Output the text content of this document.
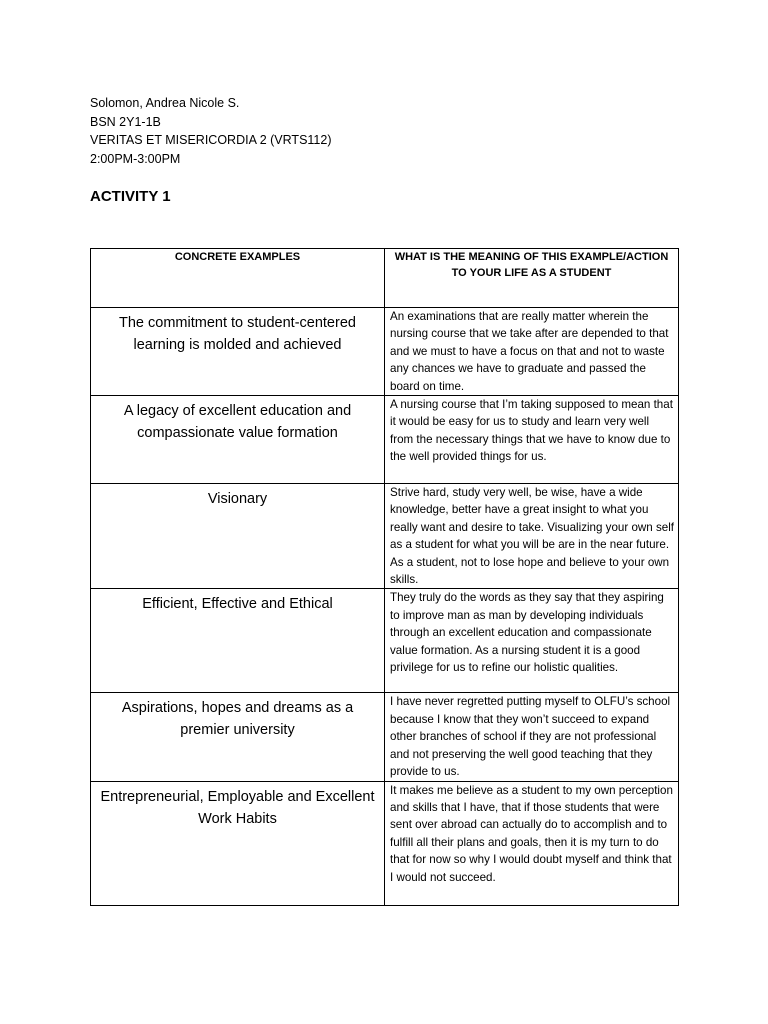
Solomon, Andrea Nicole S.
BSN 2Y1-1B
VERITAS ET MISERICORDIA 2 (VRTS112)
2:00PM-3:00PM
ACTIVITY 1
CONCRETE EXAMPLES	WHAT IS THE MEANING OF THIS EXAMPLE/ACTION TO YOUR LIFE AS A STUDENT

The commitment to student-centered learning is molded and achieved	An examinations that are really matter wherein the nursing course that we take after are depended to that and we must to have a focus on that and not to waste any chances we have to graduate and passed the board on time.

A legacy of excellent education and compassionate value formation	A nursing course that I’m taking supposed to mean that it would be easy for us to study and learn very well from the necessary things that we have to know due to the well provided things for us.

Visionary	Strive hard, study very well, be wise, have a wide knowledge, better have a great insight to what you really want and desire to take. Visualizing your own self as a student for what you will be are in the near future. As a student, not to lose hope and believe to your own skills.

Efficient, Effective and Ethical	They truly do the words as they say that they aspiring to improve man as man by developing individuals through an excellent education and compassionate value formation. As a nursing student it is a good privilege for us to refine our holistic qualities.

Aspirations, hopes and dreams as a premier university	I have never regretted putting myself to OLFU’s school because I know that they won’t succeed to expand other branches of school if they are not professional and not preserving the well good teaching that they provide to us.

Entrepreneurial, Employable and Excellent Work Habits	It makes me believe as a student to my own perception and skills that I have, that if those students that were sent over abroad can actually do to accomplish and to fulfill all their plans and goals, then it is my turn to do that for now so why I would doubt myself and think that I would not succeed.
